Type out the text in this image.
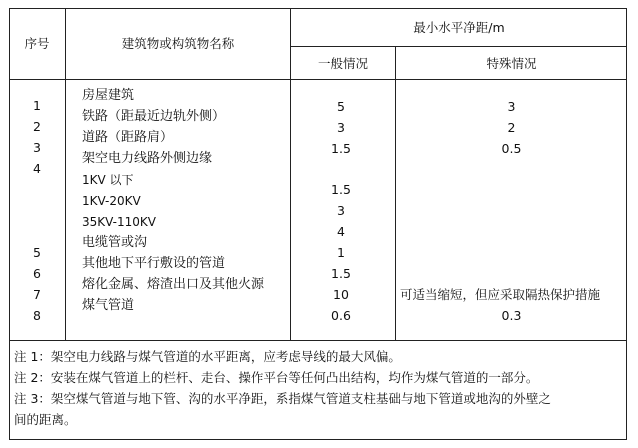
序号	建筑物或构筑物名称
最小水平净距/m
一般情况	特殊情况
1
2
3
4
5
6
7
8
房屋建筑
铁路（距最近边轨外侧）
道路（距路肩）
架空电力线路外侧边缘
1KV 以下
1KV-20KV
35KV-110KV
电缆管或沟
其他地下平行敷设的管道
熔化金属、熔渣出口及其他火源
煤气管道
5
3
1.5
1.5
3
4
1
1.5
10
0.6
3
2
0.5
可适当缩短，但应采取隔热保护措施
0.3
注 1：架空电力线路与煤气管道的水平距离，应考虑导线的最大风偏。
注 2：安装在煤气管道上的栏杆、走台、操作平台等任何凸出结构，均作为煤气管道的一部分。
注 3：架空煤气管道与地下管、沟的水平净距，系指煤气管道支柱基础与地下管道或地沟的外壁之
间的距离。
